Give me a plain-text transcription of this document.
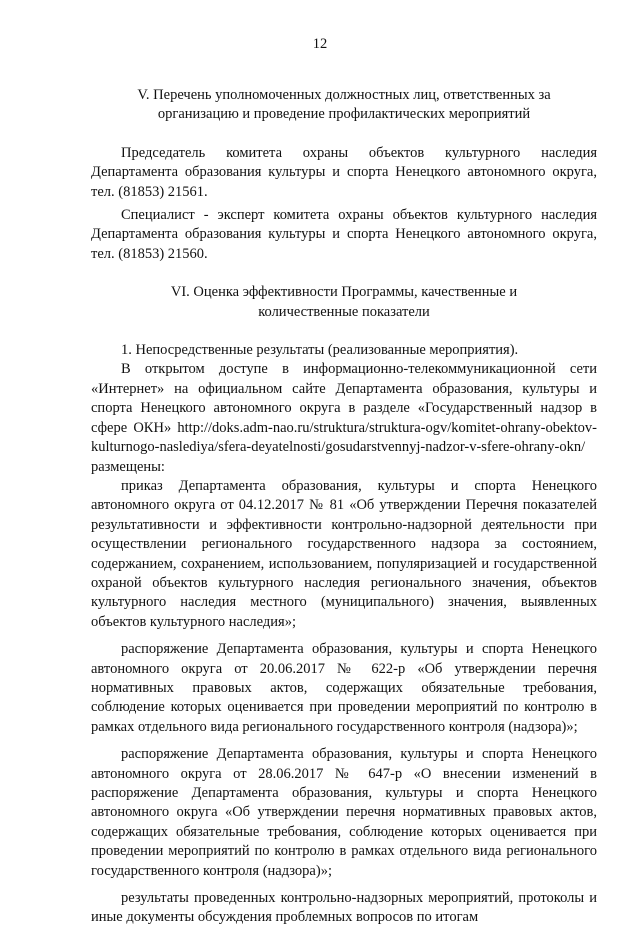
12

V. Перечень уполномоченных должностных лиц, ответственных за

организацию и проведение профилактических мероприятий

Председатель комитета охраны объектов культурного наследия Департамента образования культуры и спорта Ненецкого автономного округа, тел. (81853) 21561.

Специалист - эксперт комитета охраны объектов культурного наследия Департамента образования культуры и спорта Ненецкого автономного округа, тел. (81853) 21560.

VI. Оценка эффективности Программы, качественные и

количественные показатели

1. Непосредственные результаты (реализованные мероприятия).

В открытом доступе в информационно-телекоммуникационной сети «Интернет» на официальном сайте Департамента образования, культуры и спорта Ненецкого автономного округа в разделе «Государственный надзор в сфере ОКН» http://doks.adm-nao.ru/struktura/struktura-ogv/komitet-ohrany-obektov-kulturnogo-naslediya/sfera-deyatelnosti/gosudarstvennyj-nadzor-v-sfere-ohrany-okn/ размещены:

приказ Департамента образования, культуры и спорта Ненецкого автономного округа от 04.12.2017 № 81 «Об утверждении Перечня показателей результативности и эффективности контрольно-надзорной деятельности при осуществлении регионального государственного надзора за состоянием, содержанием, сохранением, использованием, популяризацией и государственной охраной объектов культурного наследия регионального значения, объектов культурного наследия местного (муниципального) значения, выявленных объектов культурного наследия»;

распоряжение Департамента образования, культуры и спорта Ненецкого автономного округа от 20.06.2017 № 622-р «Об утверждении перечня нормативных правовых актов, содержащих обязательные требования, соблюдение которых оценивается при проведении мероприятий по контролю в рамках отдельного вида регионального государственного контроля (надзора)»;

распоряжение Департамента образования, культуры и спорта Ненецкого автономного округа от 28.06.2017 № 647-р «О внесении изменений в распоряжение Департамента образования, культуры и спорта Ненецкого автономного округа «Об утверждении перечня нормативных правовых актов, содержащих обязательные требования, соблюдение которых оценивается при проведении мероприятий по контролю в рамках отдельного вида регионального государственного контроля (надзора)»;

результаты проведенных контрольно-надзорных мероприятий, протоколы и иные документы обсуждения проблемных вопросов по итогам
